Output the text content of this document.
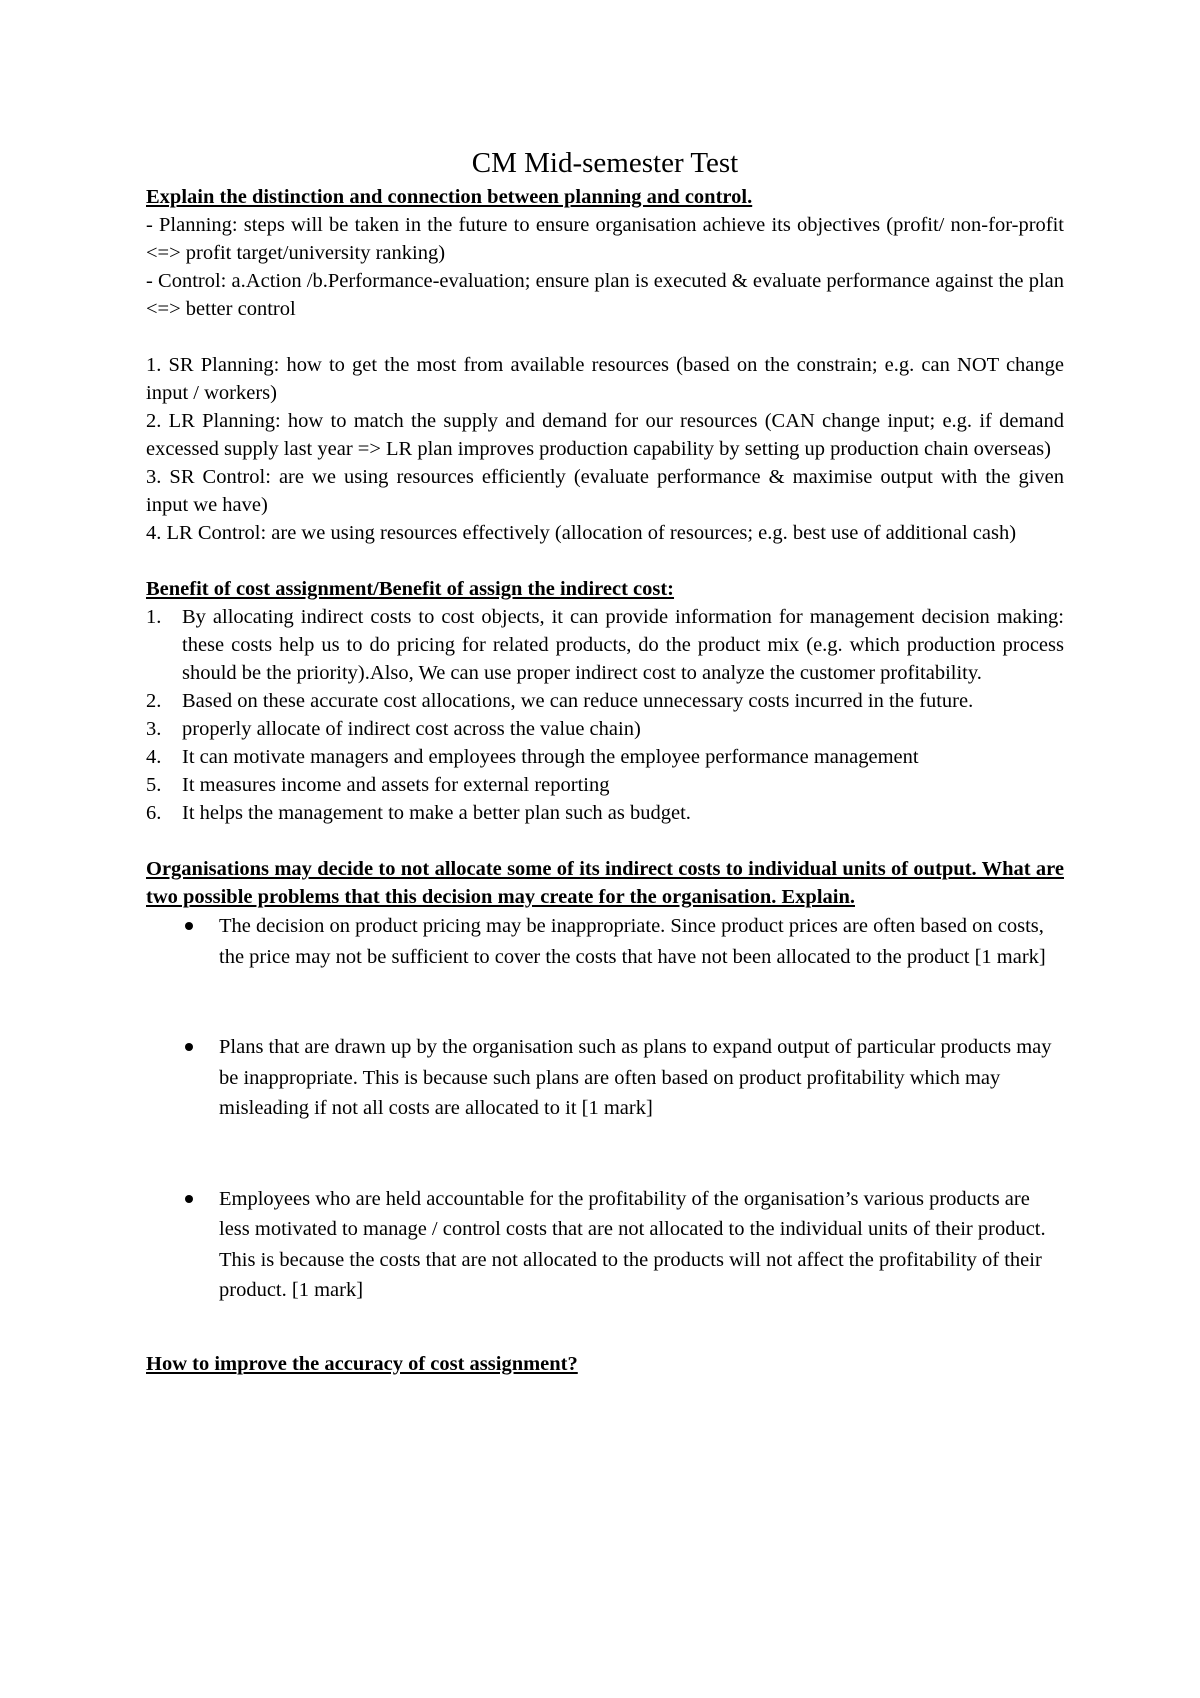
CM Mid-semester Test

Explain the distinction and connection between planning and control.

- Planning: steps will be taken in the future to ensure organisation achieve its objectives (profit/ non-for-profit <=> profit target/university ranking)

- Control: a.Action /b.Performance-evaluation; ensure plan is executed & evaluate performance against the plan <=> better control

1. SR Planning: how to get the most from available resources (based on the constrain; e.g. can NOT change input / workers)

2. LR Planning: how to match the supply and demand for our resources (CAN change input; e.g. if demand excessed supply last year => LR plan improves production capability by setting up production chain overseas)

3. SR Control: are we using resources efficiently (evaluate performance & maximise output with the given input we have)

4. LR Control: are we using resources effectively (allocation of resources; e.g. best use of additional cash)

Benefit of cost assignment/Benefit of assign the indirect cost:

1. By allocating indirect costs to cost objects, it can provide information for management decision making: these costs help us to do pricing for related products, do the product mix (e.g. which production process should be the priority).Also, We can use proper indirect cost to analyze the customer profitability.
2. Based on these accurate cost allocations, we can reduce unnecessary costs incurred in the future.
3. properly allocate of indirect cost across the value chain)
4. It can motivate managers and employees through the employee performance management
5. It measures income and assets for external reporting
6. It helps the management to make a better plan such as budget.

Organisations may decide to not allocate some of its indirect costs to individual units of output. What are two possible problems that this decision may create for the organisation. Explain.

The decision on product pricing may be inappropriate. Since product prices are often based on costs, the price may not be sufficient to cover the costs that have not been allocated to the product [1 mark]
Plans that are drawn up by the organisation such as plans to expand output of particular products may be inappropriate. This is because such plans are often based on product profitability which may misleading if not all costs are allocated to it [1 mark]
Employees who are held accountable for the profitability of the organisation’s various products are less motivated to manage / control costs that are not allocated to the individual units of their product. This is because the costs that are not allocated to the products will not affect the profitability of their product. [1 mark]

How to improve the accuracy of cost assignment?
